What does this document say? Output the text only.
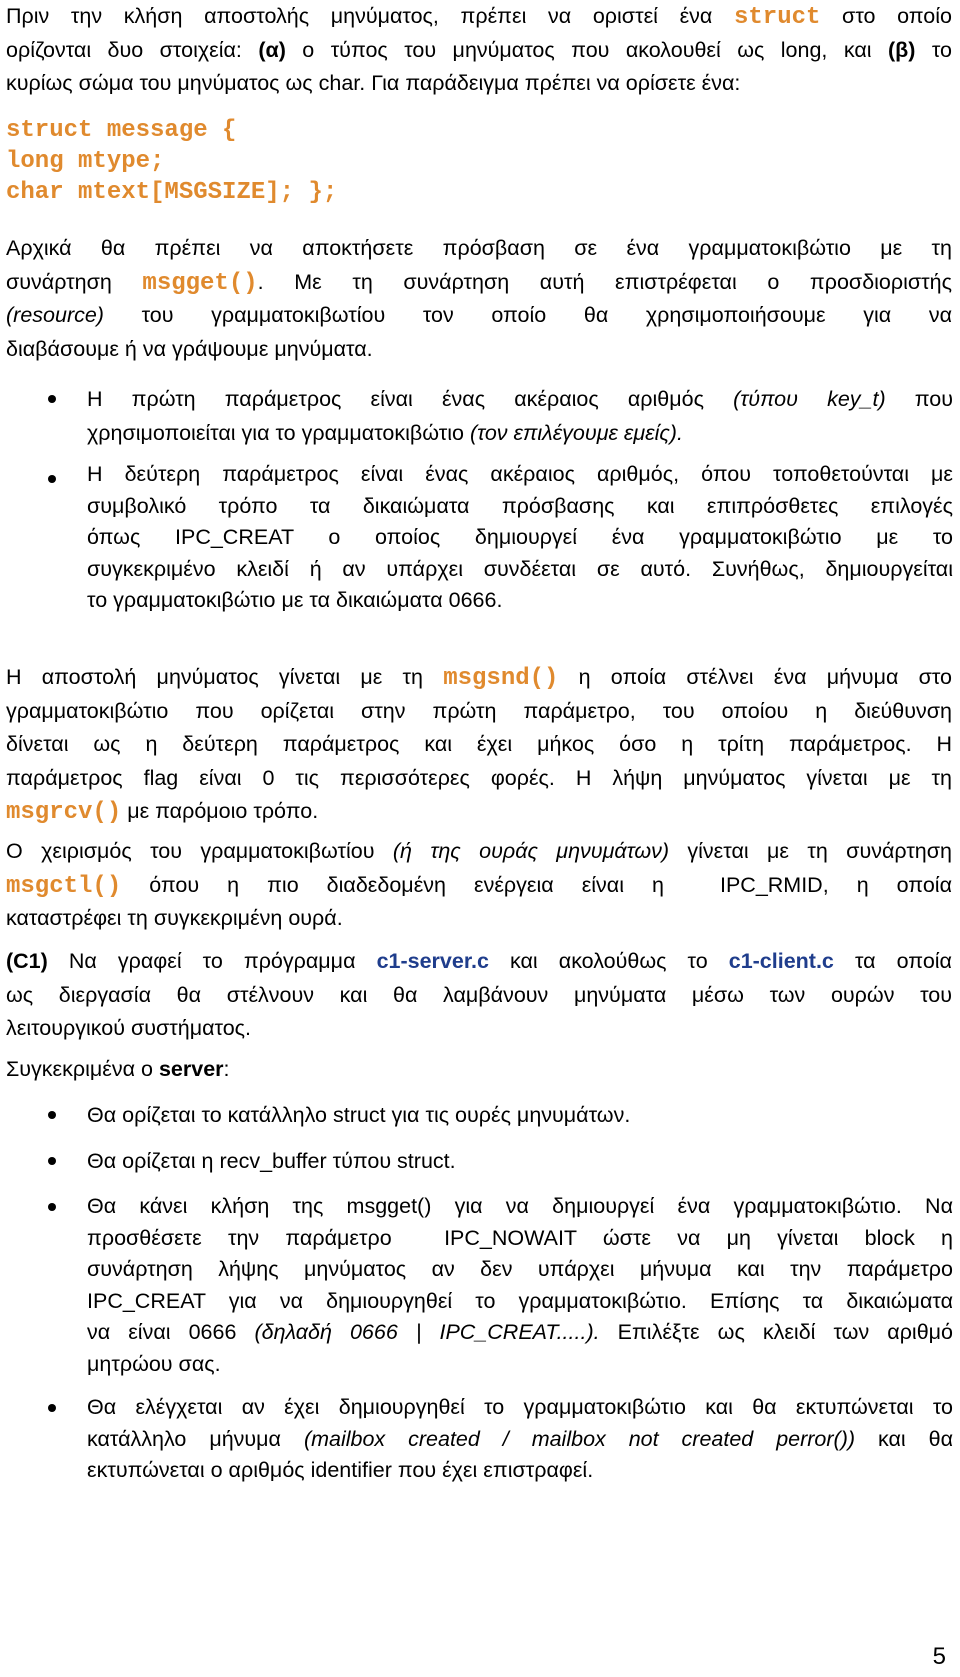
Πριν την κλήση αποστολής μηνύματος, πρέπει να οριστεί ένα struct στο οποίο
ορίζονται δυο στοιχεία: (α) ο τύπος του μηνύματος που ακολουθεί ως long, και (β) το
κυρίως σώμα του μηνύματος ως char. Για παράδειγμα πρέπει να ορίσετε ένα:
struct message {
long mtype;
char mtext[MSGSIZE]; };
Αρχικά θα πρέπει να αποκτήσετε πρόσβαση σε ένα γραμματοκιβώτιο με τη
συνάρτηση msgget(). Με τη συνάρτηση αυτή επιστρέφεται ο προσδιοριστής
(resource) του γραμματοκιβωτίου τον οποίο θα χρησιμοποιήσουμε για να
διαβάσουμε ή να γράψουμε μηνύματα.
Η πρώτη παράμετρος είναι ένας ακέραιος αριθμός (τύπου key_t) που
χρησιμοποιείται για το γραμματοκιβώτιο (τον επιλέγουμε εμείς).
Η δεύτερη παράμετρος είναι ένας ακέραιος αριθμός, όπου τοποθετούνται με
συμβολικό τρόπο τα δικαιώματα πρόσβασης και επιπρόσθετες επιλογές
όπως IPC_CREAT ο οποίος δημιουργεί ένα γραμματοκιβώτιο με το
συγκεκριμένο κλειδί ή αν υπάρχει συνδέεται σε αυτό. Συνήθως, δημιουργείται
το γραμματοκιβώτιο με τα δικαιώματα 0666.
Η αποστολή μηνύματος γίνεται με τη msgsnd() η οποία στέλνει ένα μήνυμα στο
γραμματοκιβώτιο που ορίζεται στην πρώτη παράμετρο, του οποίου η διεύθυνση
δίνεται ως η δεύτερη παράμετρος και έχει μήκος όσο η τρίτη παράμετρος. Η
παράμετρος flag είναι 0 τις περισσότερες φορές. Η λήψη μηνύματος γίνεται με τη
msgrcv() με παρόμοιο τρόπο.
Ο χειρισμός του γραμματοκιβωτίου (ή της ουράς μηνυμάτων) γίνεται με τη συνάρτηση
msgctl() όπου η πιο διαδεδομένη ενέργεια είναι η  IPC_RMID, η οποία
καταστρέφει τη συγκεκριμένη ουρά.
(C1) Να γραφεί το πρόγραμμα c1-server.c και ακολούθως το c1-client.c τα οποία
ως διεργασία θα στέλνουν και θα λαμβάνουν μηνύματα μέσω των ουρών του
λειτουργικού συστήματος.
Συγκεκριμένα ο server:
Θα ορίζεται το κατάλληλο struct για τις ουρές μηνυμάτων.
Θα ορίζεται η recv_buffer τύπου struct.
Θα κάνει κλήση της msgget() για να δημιουργεί ένα γραμματοκιβώτιο. Να
προσθέσετε την παράμετρο  IPC_NOWAIT ώστε να μη γίνεται block η
συνάρτηση λήψης μηνύματος αν δεν υπάρχει μήνυμα και την παράμετρο
IPC_CREAT για να δημιουργηθεί το γραμματοκιβώτιο. Επίσης τα δικαιώματα
να είναι 0666 (δηλαδή 0666 | IPC_CREAT.....). Επιλέξτε ως κλειδί των αριθμό
μητρώου σας.
Θα ελέγχεται αν έχει δημιουργηθεί το γραμματοκιβώτιο και θα εκτυπώνεται το
κατάλληλο μήνυμα (mailbox created / mailbox not created perror()) και θα
εκτυπώνεται ο αριθμός identifier που έχει επιστραφεί.
5
